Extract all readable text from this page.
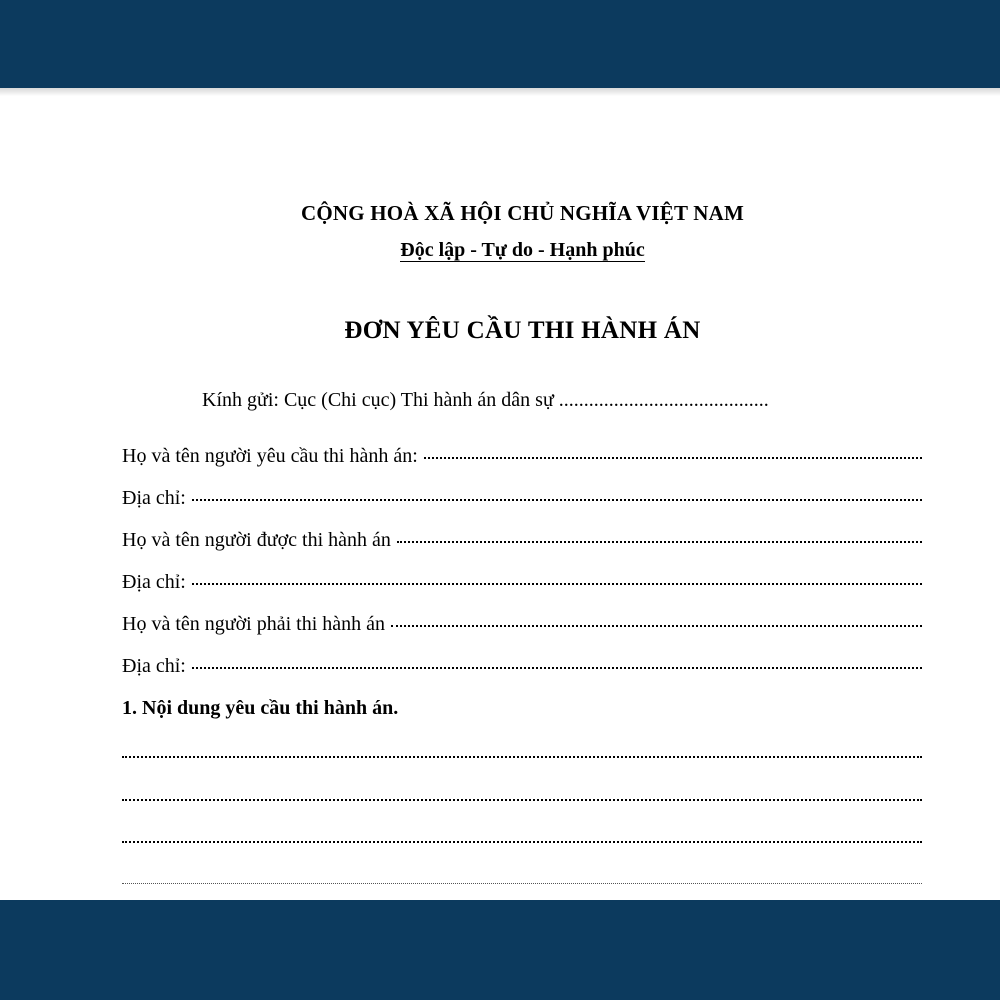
CỘNG HOÀ XÃ HỘI CHỦ NGHĨA VIỆT NAM
Độc lập - Tự do - Hạnh phúc
ĐƠN YÊU CẦU THI HÀNH ÁN
Kính gửi: Cục (Chi cục) Thi hành án dân sự ..........................................
Họ và tên người yêu cầu thi hành án:
Địa chỉ:
Họ và tên người được thi hành án
Địa chỉ:
Họ và tên người phải thi hành án
Địa chỉ:
1. Nội dung yêu cầu thi hành án.
